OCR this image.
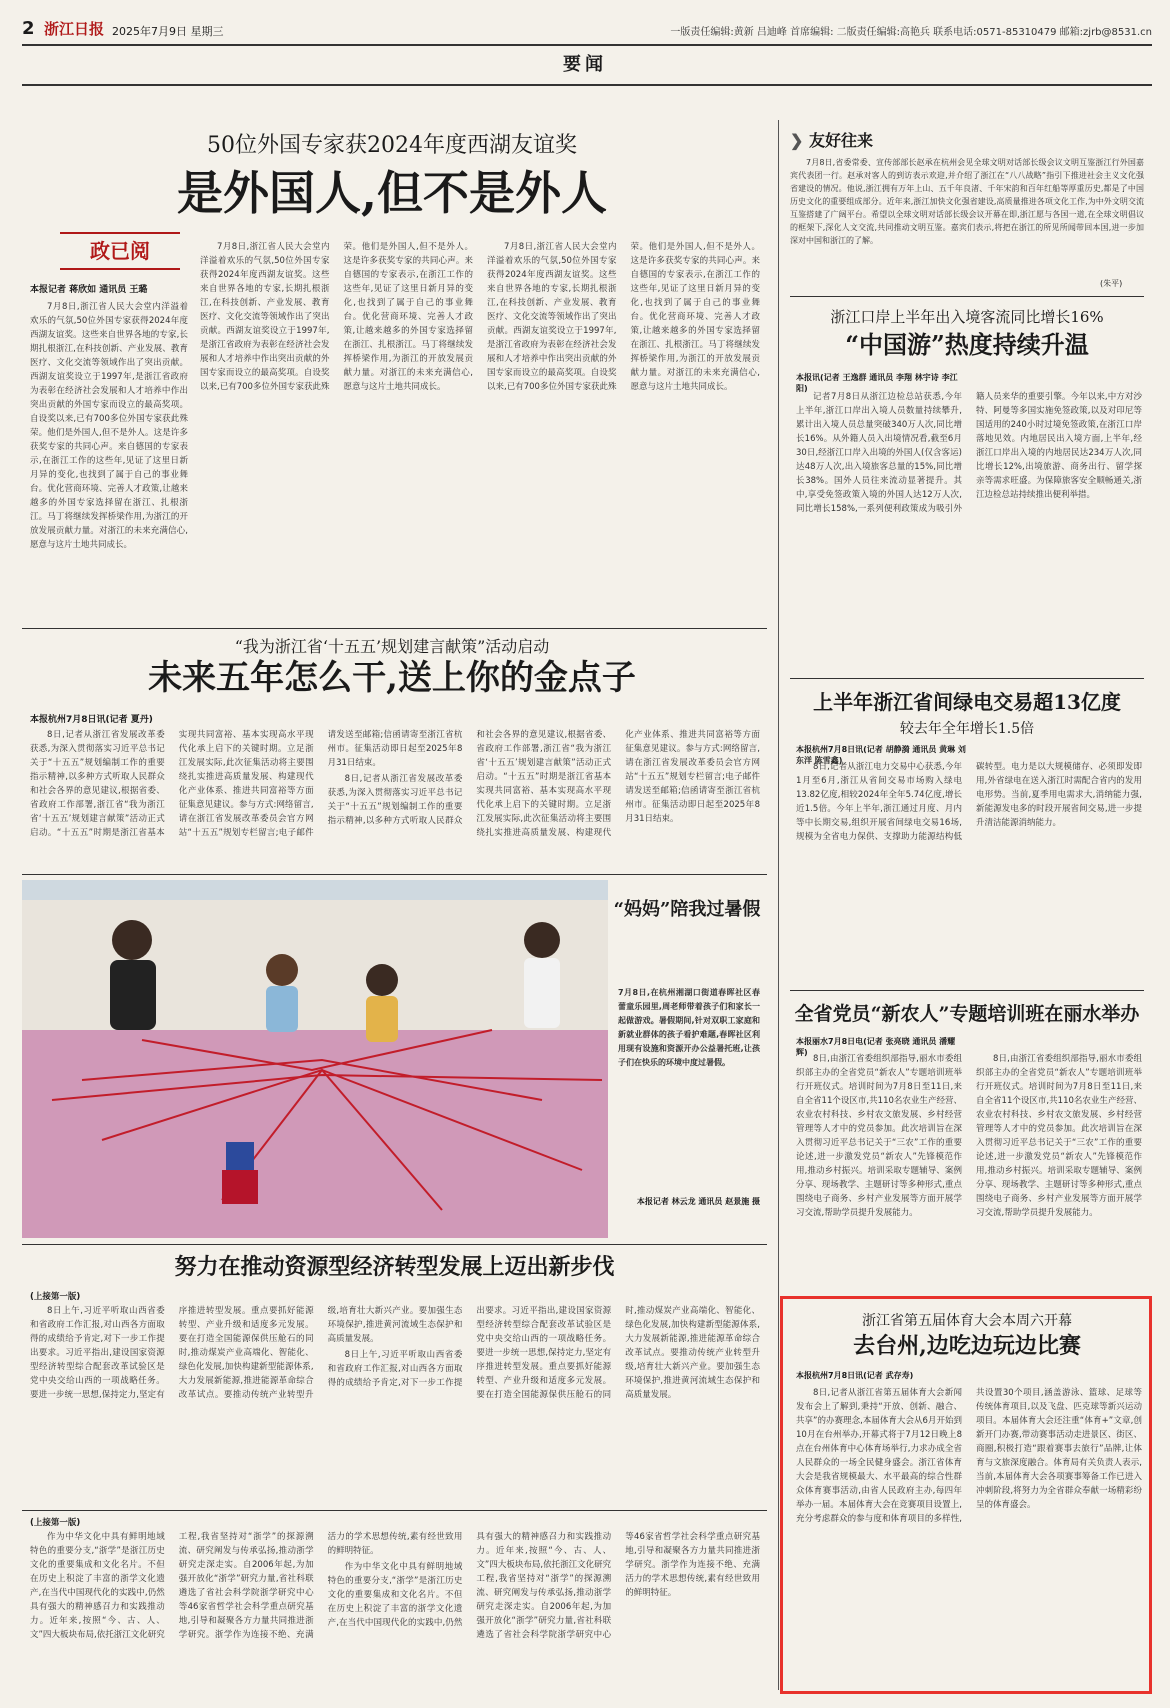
2 浙江日报 2025年7月9日 星期三	一版责任编辑:黄新 吕迪峰 首席编辑: 二版责任编辑:高艳兵 联系电话:0571-85310479 邮箱:zjrb@8531.cn
要闻
50位外国专家获2024年度西湖友谊奖
是外国人,但不是外人
政已阅
本报记者 蒋欣如 通讯员 王璐

7月8日,浙江省人民大会堂内洋溢着欢乐的气氛,50位外国专家获得2024年度西湖友谊奖。这些来自世界各地的专家,长期扎根浙江,在科技创新、产业发展、教育医疗、文化交流等领域作出了突出贡献。西湖友谊奖设立于1997年,是浙江省政府为表彰在经济社会发展和人才培养中作出突出贡献的外国专家而设立的最高奖项。自设奖以来,已有700多位外国专家获此殊荣。他们是外国人,但不是外人。这是许多获奖专家的共同心声。来自德国的专家表示,在浙江工作的这些年,见证了这里日新月异的变化,也找到了属于自己的事业舞台。优化营商环境、完善人才政策,让越来越多的外国专家选择留在浙江、扎根浙江。马丁将继续发挥桥梁作用,为浙江的开放发展贡献力量。对浙江的未来充满信心,愿意与这片土地共同成长。

7月8日,浙江省人民大会堂内洋溢着欢乐的气氛,50位外国专家获得2024年度西湖友谊奖。这些来自世界各地的专家,长期扎根浙江,在科技创新、产业发展、教育医疗、文化交流等领域作出了突出贡献。西湖友谊奖设立于1997年,是浙江省政府为表彰在经济社会发展和人才培养中作出突出贡献的外国专家而设立的最高奖项。自设奖以来,已有700多位外国专家获此殊荣。他们是外国人,但不是外人。这是许多获奖专家的共同心声。来自德国的专家表示,在浙江工作的这些年,见证了这里日新月异的变化,也找到了属于自己的事业舞台。优化营商环境、完善人才政策,让越来越多的外国专家选择留在浙江、扎根浙江。马丁将继续发挥桥梁作用,为浙江的开放发展贡献力量。对浙江的未来充满信心,愿意与这片土地共同成长。

7月8日,浙江省人民大会堂内洋溢着欢乐的气氛,50位外国专家获得2024年度西湖友谊奖。这些来自世界各地的专家,长期扎根浙江,在科技创新、产业发展、教育医疗、文化交流等领域作出了突出贡献。西湖友谊奖设立于1997年,是浙江省政府为表彰在经济社会发展和人才培养中作出突出贡献的外国专家而设立的最高奖项。自设奖以来,已有700多位外国专家获此殊荣。他们是外国人,但不是外人。这是许多获奖专家的共同心声。来自德国的专家表示,在浙江工作的这些年,见证了这里日新月异的变化,也找到了属于自己的事业舞台。优化营商环境、完善人才政策,让越来越多的外国专家选择留在浙江、扎根浙江。马丁将继续发挥桥梁作用,为浙江的开放发展贡献力量。对浙江的未来充满信心,愿意与这片土地共同成长。

“我为浙江省‘十五五’规划建言献策”活动启动
未来五年怎么干,送上你的金点子
本报杭州7月8日讯(记者 夏丹)

8日,记者从浙江省发展改革委获悉,为深入贯彻落实习近平总书记关于“十五五”规划编制工作的重要指示精神,以多种方式听取人民群众和社会各界的意见建议,根据省委、省政府工作部署,浙江省“我为浙江省‘十五五’规划建言献策”活动正式启动。“十五五”时期是浙江省基本实现共同富裕、基本实现高水平现代化承上启下的关键时期。立足浙江发展实际,此次征集活动将主要围绕扎实推进高质量发展、构建现代化产业体系、推进共同富裕等方面征集意见建议。参与方式:网络留言,请在浙江省发展改革委员会官方网站“十五五”规划专栏留言;电子邮件请发送至邮箱;信函请寄至浙江省杭州市。征集活动即日起至2025年8月31日结束。

8日,记者从浙江省发展改革委获悉,为深入贯彻落实习近平总书记关于“十五五”规划编制工作的重要指示精神,以多种方式听取人民群众和社会各界的意见建议,根据省委、省政府工作部署,浙江省“我为浙江省‘十五五’规划建言献策”活动正式启动。“十五五”时期是浙江省基本实现共同富裕、基本实现高水平现代化承上启下的关键时期。立足浙江发展实际,此次征集活动将主要围绕扎实推进高质量发展、构建现代化产业体系、推进共同富裕等方面征集意见建议。参与方式:网络留言,请在浙江省发展改革委员会官方网站“十五五”规划专栏留言;电子邮件请发送至邮箱;信函请寄至浙江省杭州市。征集活动即日起至2025年8月31日结束。

“妈妈”陪我过暑假
7月8日,在杭州湘湖口街道春晖社区春蕾童乐园里,周老师带着孩子们和家长一起做游戏。暑假期间,针对双职工家庭和新就业群体的孩子看护难题,春晖社区利用现有设施和资源开办公益暑托班,让孩子们在快乐的环境中度过暑假。
本报记者 林云龙 通讯员 赵景施 摄
努力在推动资源型经济转型发展上迈出新步伐
(上接第一版)

8日上午,习近平听取山西省委和省政府工作汇报,对山西各方面取得的成绩给予肯定,对下一步工作提出要求。习近平指出,建设国家资源型经济转型综合配套改革试验区是党中央交给山西的一项战略任务。要进一步统一思想,保持定力,坚定有序推进转型发展。重点要抓好能源转型、产业升级和适度多元发展。要在打造全国能源保供压舱石的同时,推动煤炭产业高端化、智能化、绿色化发展,加快构建新型能源体系,大力发展新能源,推进能源革命综合改革试点。要推动传统产业转型升级,培育壮大新兴产业。要加强生态环境保护,推进黄河流域生态保护和高质量发展。

8日上午,习近平听取山西省委和省政府工作汇报,对山西各方面取得的成绩给予肯定,对下一步工作提出要求。习近平指出,建设国家资源型经济转型综合配套改革试验区是党中央交给山西的一项战略任务。要进一步统一思想,保持定力,坚定有序推进转型发展。重点要抓好能源转型、产业升级和适度多元发展。要在打造全国能源保供压舱石的同时,推动煤炭产业高端化、智能化、绿色化发展,加快构建新型能源体系,大力发展新能源,推进能源革命综合改革试点。要推动传统产业转型升级,培育壮大新兴产业。要加强生态环境保护,推进黄河流域生态保护和高质量发展。

(上接第一版)

作为中华文化中具有鲜明地域特色的重要分支,“浙学”是浙江历史文化的重要集成和文化名片。不但在历史上积淀了丰富的浙学文化遗产,在当代中国现代化的实践中,仍然具有强大的精神感召力和实践推动力。近年来,按照“今、古、人、文”四大板块布局,依托浙江文化研究工程,我省坚持对“浙学”的探源溯流、研究阐发与传承弘扬,推动浙学研究走深走实。自2006年起,为加强开放化“浙学”研究力量,省社科联遴选了省社会科学院浙学研究中心等46家省哲学社会科学重点研究基地,引导和凝聚各方力量共同推进浙学研究。浙学作为连接不绝、充满活力的学术思想传统,素有经世致用的鲜明特征。

作为中华文化中具有鲜明地域特色的重要分支,“浙学”是浙江历史文化的重要集成和文化名片。不但在历史上积淀了丰富的浙学文化遗产,在当代中国现代化的实践中,仍然具有强大的精神感召力和实践推动力。近年来,按照“今、古、人、文”四大板块布局,依托浙江文化研究工程,我省坚持对“浙学”的探源溯流、研究阐发与传承弘扬,推动浙学研究走深走实。自2006年起,为加强开放化“浙学”研究力量,省社科联遴选了省社会科学院浙学研究中心等46家省哲学社会科学重点研究基地,引导和凝聚各方力量共同推进浙学研究。浙学作为连接不绝、充满活力的学术思想传统,素有经世致用的鲜明特征。

❯ 友好往来

7月8日,省委常委、宣传部部长赵承在杭州会见全球文明对话部长级会议文明互鉴浙江行外国嘉宾代表团一行。赵承对客人的到访表示欢迎,并介绍了浙江在“八八战略”指引下推进社会主义文化强省建设的情况。他说,浙江拥有万年上山、五千年良渚、千年宋韵和百年红船等厚重历史,都是了中国历史文化的重要组成部分。近年来,浙江加快文化强省建设,高质量推进各项文化工作,为中外文明交流互鉴搭建了广阔平台。希望以全球文明对话部长级会议开幕在即,浙江愿与各国一道,在全球文明倡议的框架下,深化人文交流,共同推动文明互鉴。嘉宾们表示,将把在浙江的所见所闻带回本国,进一步加深对中国和浙江的了解。

(朱平)
浙江口岸上半年出入境客流同比增长16%
“中国游”热度持续升温
本报讯(记者 王逸群 通讯员 李翔 林宇诗 李江阳)

记者7月8日从浙江边检总站获悉,今年上半年,浙江口岸出入境人员数量持续攀升,累计出入境人员总量突破340万人次,同比增长16%。从外籍人员入出境情况看,截至6月30日,经浙江口岸入出境的外国人(仅含客运)达48万人次,出入境旅客总量的15%,同比增长38%。国外人员往来流动显著提升。其中,享受免签政策入境的外国人达12万人次,同比增长158%,一系列便利政策成为吸引外籍人员来华的重要引擎。今年以来,中方对沙特、阿曼等多国实施免签政策,以及对印尼等国适用的240小时过境免签政策,在浙江口岸落地见效。内地居民出入境方面,上半年,经浙江口岸出入境的内地居民达234万人次,同比增长12%,出境旅游、商务出行、留学探亲等需求旺盛。为保障旅客安全顺畅通关,浙江边检总站持续推出便利举措。

上半年浙江省间绿电交易超13亿度
较去年全年增长1.5倍
本报杭州7月8日讯(记者 胡静漪 通讯员 黄琳 刘东洋 陈雪鑫)

8日,记者从浙江电力交易中心获悉,今年1月至6月,浙江从省间交易市场购入绿电13.82亿度,相较2024年全年5.74亿度,增长近1.5倍。今年上半年,浙江通过月度、月内等中长期交易,组织开展省间绿电交易16场,规模为全省电力保供、支撑助力能源结构低碳转型。电力是以大规模储存、必须即发即用,外省绿电在送入浙江时需配合省内的发用电形势。当前,夏季用电需求大,消纳能力强,新能源发电多的时段开展省间交易,进一步提升清洁能源消纳能力。

全省党员“新农人”专题培训班在丽水举办
本报丽水7月8日电(记者 张亮晓 通讯员 潘耀辉)

8日,由浙江省委组织部指导,丽水市委组织部主办的全省党员“新农人”专题培训班举行开班仪式。培训时间为7月8日至11日,来自全省11个设区市,共110名农业生产经营、农业农村科技、乡村农文旅发展、乡村经营管理等人才中的党员参加。此次培训旨在深入贯彻习近平总书记关于“三农”工作的重要论述,进一步激发党员“新农人”先锋模范作用,推动乡村振兴。培训采取专题辅导、案例分享、现场教学、主题研讨等多种形式,重点围绕电子商务、乡村产业发展等方面开展学习交流,帮助学员提升发展能力。

8日,由浙江省委组织部指导,丽水市委组织部主办的全省党员“新农人”专题培训班举行开班仪式。培训时间为7月8日至11日,来自全省11个设区市,共110名农业生产经营、农业农村科技、乡村农文旅发展、乡村经营管理等人才中的党员参加。此次培训旨在深入贯彻习近平总书记关于“三农”工作的重要论述,进一步激发党员“新农人”先锋模范作用,推动乡村振兴。培训采取专题辅导、案例分享、现场教学、主题研讨等多种形式,重点围绕电子商务、乡村产业发展等方面开展学习交流,帮助学员提升发展能力。

浙江省第五届体育大会本周六开幕
去台州,边吃边玩边比赛
本报杭州7月8日讯(记者 武存寿)

8日,记者从浙江省第五届体育大会新闻发布会上了解到,秉持“开放、创新、融合、共享”的办赛理念,本届体育大会从6月开始到10月在台州举办,开幕式将于7月12日晚上8点在台州体育中心体育场举行,力求办成全省人民群众的一场全民健身盛会。浙江省体育大会是我省规模最大、水平最高的综合性群众体育赛事活动,由省人民政府主办,每四年举办一届。本届体育大会在竞赛项目设置上,充分考虑群众的参与度和体育项目的多样性,共设置30个项目,涵盖游泳、篮球、足球等传统体育项目,以及飞盘、匹克球等新兴运动项目。本届体育大会还注重“体育+”文章,创新开门办赛,带动赛事活动走进景区、街区、商圈,积极打造“跟着赛事去旅行”品牌,让体育与文旅深度融合。体育局有关负责人表示,当前,本届体育大会各项赛事筹备工作已进入冲刺阶段,将努力为全省群众奉献一场精彩纷呈的体育盛会。
